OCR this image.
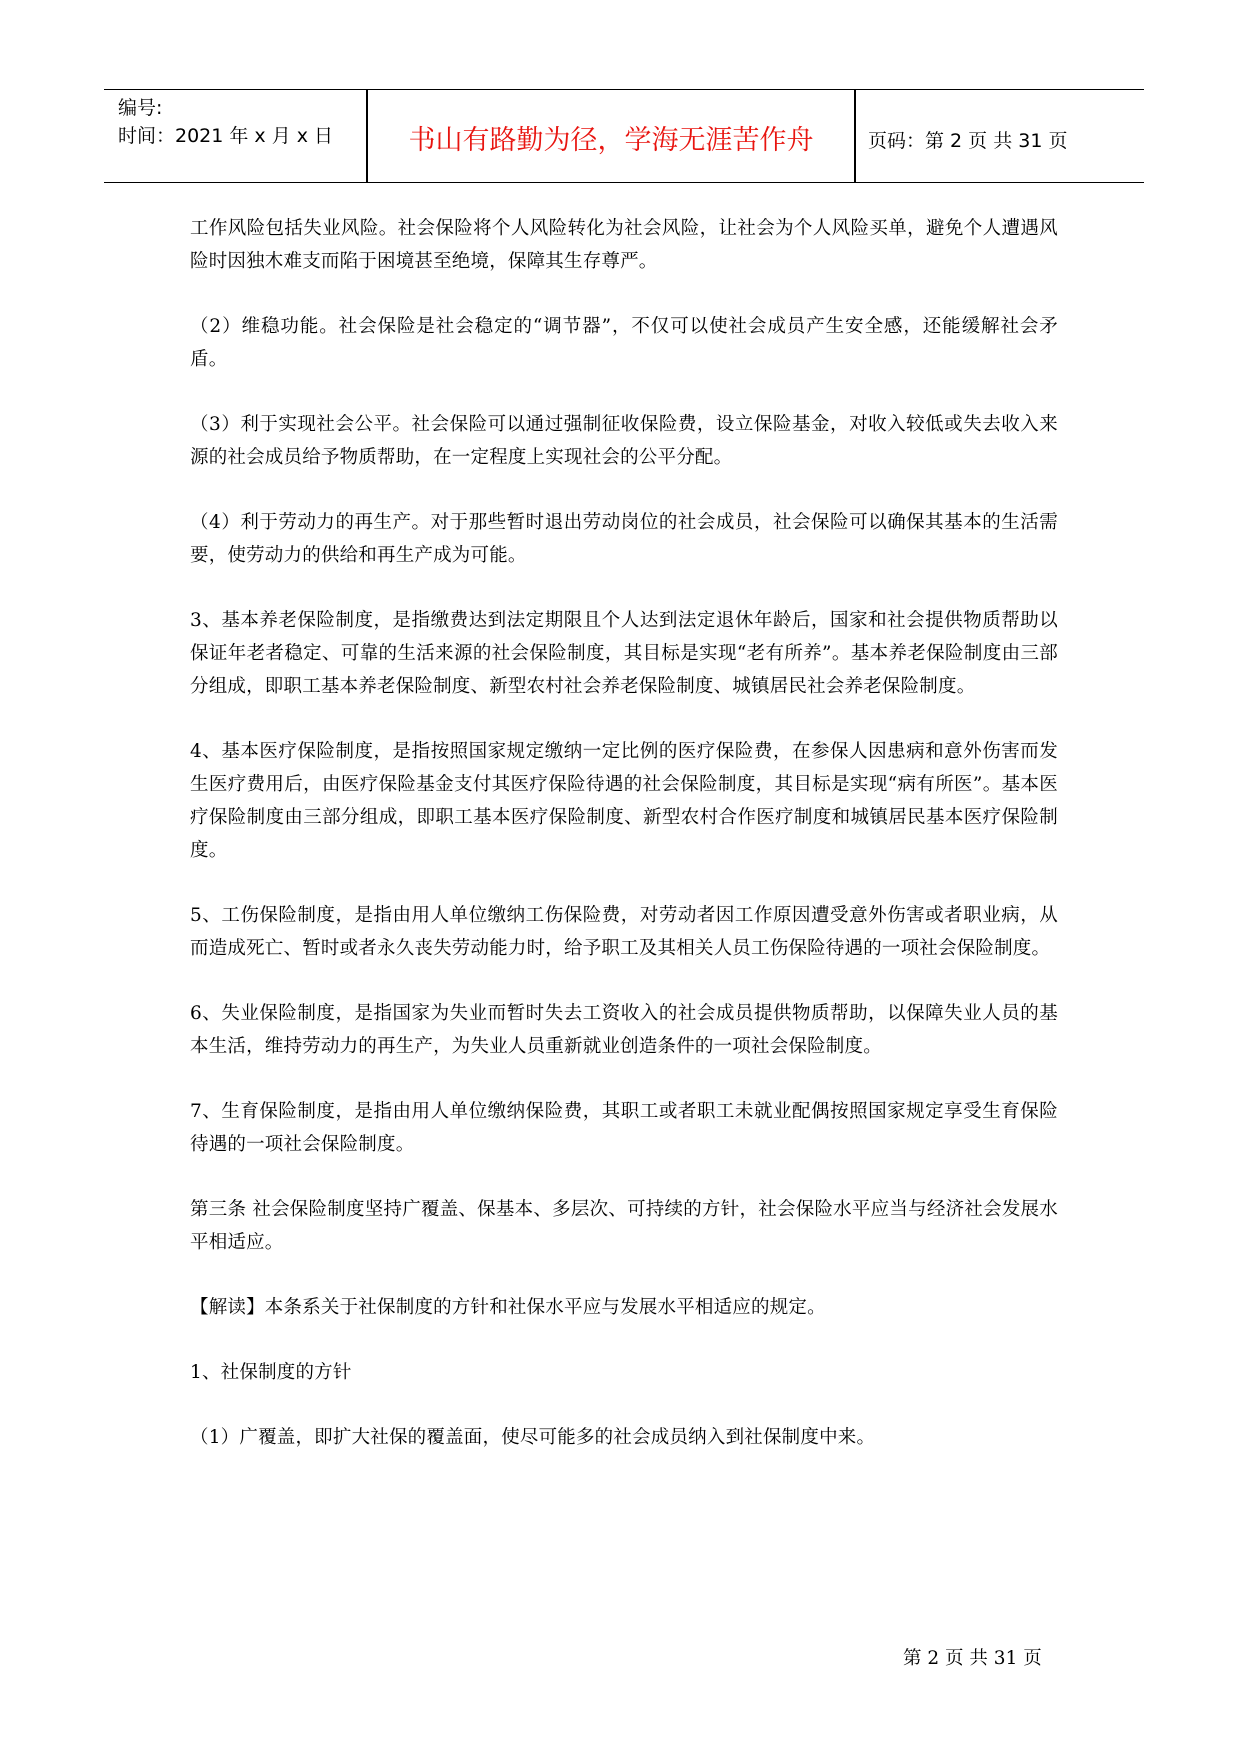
编号:
时间：2021 年 x 月 x 日	书山有路勤为径，学海无涯苦作舟	页码：第 2 页 共 31 页

工作风险包括失业风险。社会保险将个人风险转化为社会风险，让社会为个人风险买单，避免个人遭遇风险时因独木难支而陷于困境甚至绝境，保障其生存尊严。

（2）维稳功能。社会保险是社会稳定的“调节器”，不仅可以使社会成员产生安全感，还能缓解社会矛盾。

（3）利于实现社会公平。社会保险可以通过强制征收保险费，设立保险基金，对收入较低或失去收入来源的社会成员给予物质帮助，在一定程度上实现社会的公平分配。

（4）利于劳动力的再生产。对于那些暂时退出劳动岗位的社会成员，社会保险可以确保其基本的生活需要，使劳动力的供给和再生产成为可能。

3、基本养老保险制度，是指缴费达到法定期限且个人达到法定退休年龄后，国家和社会提供物质帮助以保证年老者稳定、可靠的生活来源的社会保险制度，其目标是实现“老有所养”。基本养老保险制度由三部分组成，即职工基本养老保险制度、新型农村社会养老保险制度、城镇居民社会养老保险制度。

4、基本医疗保险制度，是指按照国家规定缴纳一定比例的医疗保险费，在参保人因患病和意外伤害而发生医疗费用后，由医疗保险基金支付其医疗保险待遇的社会保险制度，其目标是实现“病有所医”。基本医疗保险制度由三部分组成，即职工基本医疗保险制度、新型农村合作医疗制度和城镇居民基本医疗保险制度。

5、工伤保险制度，是指由用人单位缴纳工伤保险费，对劳动者因工作原因遭受意外伤害或者职业病，从而造成死亡、暂时或者永久丧失劳动能力时，给予职工及其相关人员工伤保险待遇的一项社会保险制度。

6、失业保险制度，是指国家为失业而暂时失去工资收入的社会成员提供物质帮助，以保障失业人员的基本生活，维持劳动力的再生产，为失业人员重新就业创造条件的一项社会保险制度。

7、生育保险制度，是指由用人单位缴纳保险费，其职工或者职工未就业配偶按照国家规定享受生育保险待遇的一项社会保险制度。

第三条 社会保险制度坚持广覆盖、保基本、多层次、可持续的方针，社会保险水平应当与经济社会发展水平相适应。

【解读】本条系关于社保制度的方针和社保水平应与发展水平相适应的规定。

1、社保制度的方针

（1）广覆盖，即扩大社保的覆盖面，使尽可能多的社会成员纳入到社保制度中来。

第 2 页 共 31 页
